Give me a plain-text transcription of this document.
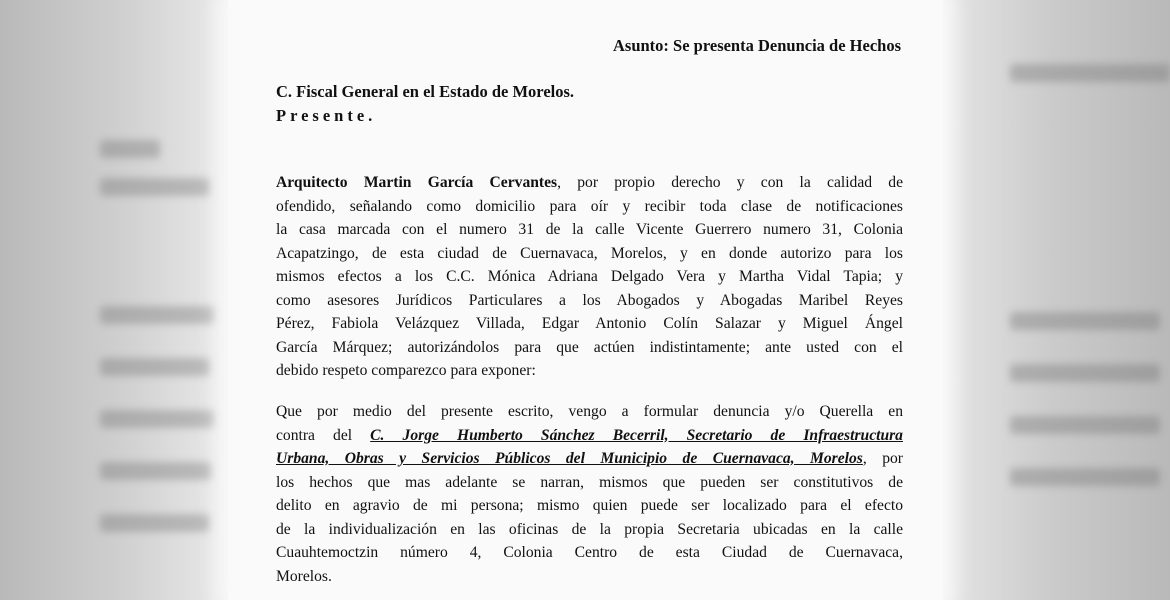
Asunto: Se presenta Denuncia de Hechos
C. Fiscal General en el Estado de Morelos.
Presente.
Arquitecto Martin García Cervantes, por propio derecho y con la calidad de
ofendido, señalando como domicilio para oír y recibir toda clase de notificaciones
la casa marcada con el numero 31 de la calle Vicente Guerrero numero 31, Colonia
Acapatzingo, de esta ciudad de Cuernavaca, Morelos, y en donde autorizo para los
mismos efectos a los C.C. Mónica Adriana Delgado Vera y Martha Vidal Tapia; y
como asesores Jurídicos Particulares a los Abogados y Abogadas Maribel Reyes
Pérez, Fabiola Velázquez Villada, Edgar Antonio Colín Salazar y Miguel Ángel
García Márquez; autorizándolos para que actúen indistintamente; ante usted con el
debido respeto comparezco para exponer:
Que por medio del presente escrito, vengo a formular denuncia y/o Querella en
contra del C. Jorge Humberto Sánchez Becerril, Secretario de Infraestructura
Urbana, Obras y Servicios Públicos del Municipio de Cuernavaca, Morelos, por
los hechos que mas adelante se narran, mismos que pueden ser constitutivos de
delito en agravio de mi persona; mismo quien puede ser localizado para el efecto
de la individualización en las oficinas de la propia Secretaria ubicadas en la calle
Cuauhtemoctzin número 4, Colonia Centro de esta Ciudad de Cuernavaca,
Morelos.
